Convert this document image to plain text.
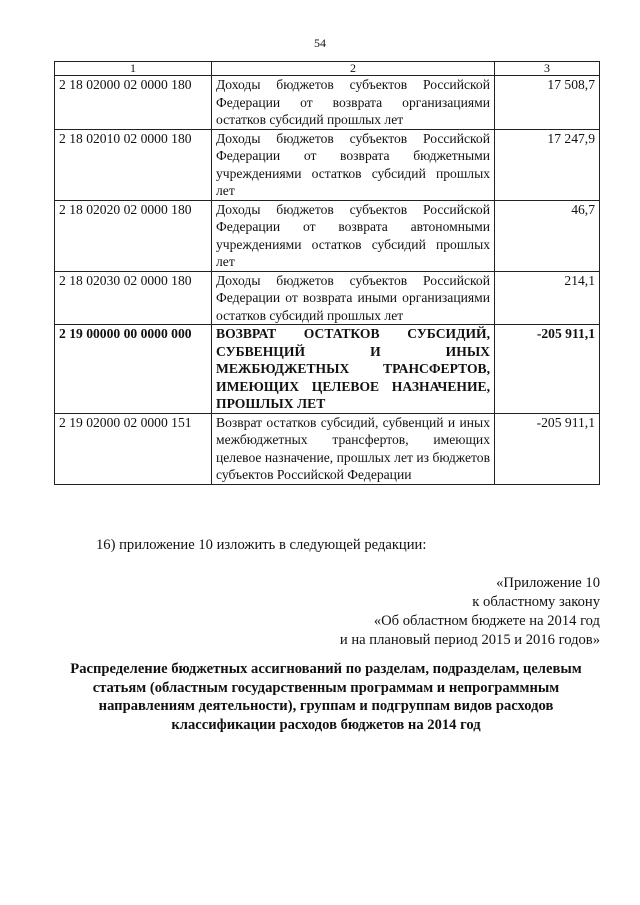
54
1	2	3
2 18 02000 02 0000 180	Доходы бюджетов субъектов Российской Федерации от возврата организациями остатков субсидий прошлых лет	17 508,7
2 18 02010 02 0000 180	Доходы бюджетов субъектов Российской Федерации от возврата бюджетными учреждениями остатков субсидий прошлых лет	17 247,9
2 18 02020 02 0000 180	Доходы бюджетов субъектов Российской Федерации от возврата автономными учреждениями остатков субсидий прошлых лет	46,7
2 18 02030 02 0000 180	Доходы бюджетов субъектов Российской Федерации от возврата иными организациями остатков субсидий прошлых лет	214,1
2 19 00000 00 0000 000	ВОЗВРАТ ОСТАТКОВ СУБСИДИЙ, СУБВЕНЦИЙ И ИНЫХ МЕЖБЮДЖЕТНЫХ ТРАНСФЕРТОВ, ИМЕЮЩИХ ЦЕЛЕВОЕ НАЗНАЧЕНИЕ, ПРОШЛЫХ ЛЕТ	-205 911,1
2 19 02000 02 0000 151	Возврат остатков субсидий, субвенций и иных межбюджетных трансфертов, имеющих целевое назначение, прошлых лет из бюджетов субъектов Российской Федерации	-205 911,1
16) приложение 10 изложить в следующей редакции:
«Приложение 10
к областному закону
«Об областном бюджете на 2014 год
и на плановый период 2015 и 2016 годов»
Распределение бюджетных ассигнований по разделам, подразделам, целевым
статьям (областным государственным программам и непрограммным
направлениям деятельности), группам и подгруппам видов расходов
классификации расходов бюджетов на 2014 год
